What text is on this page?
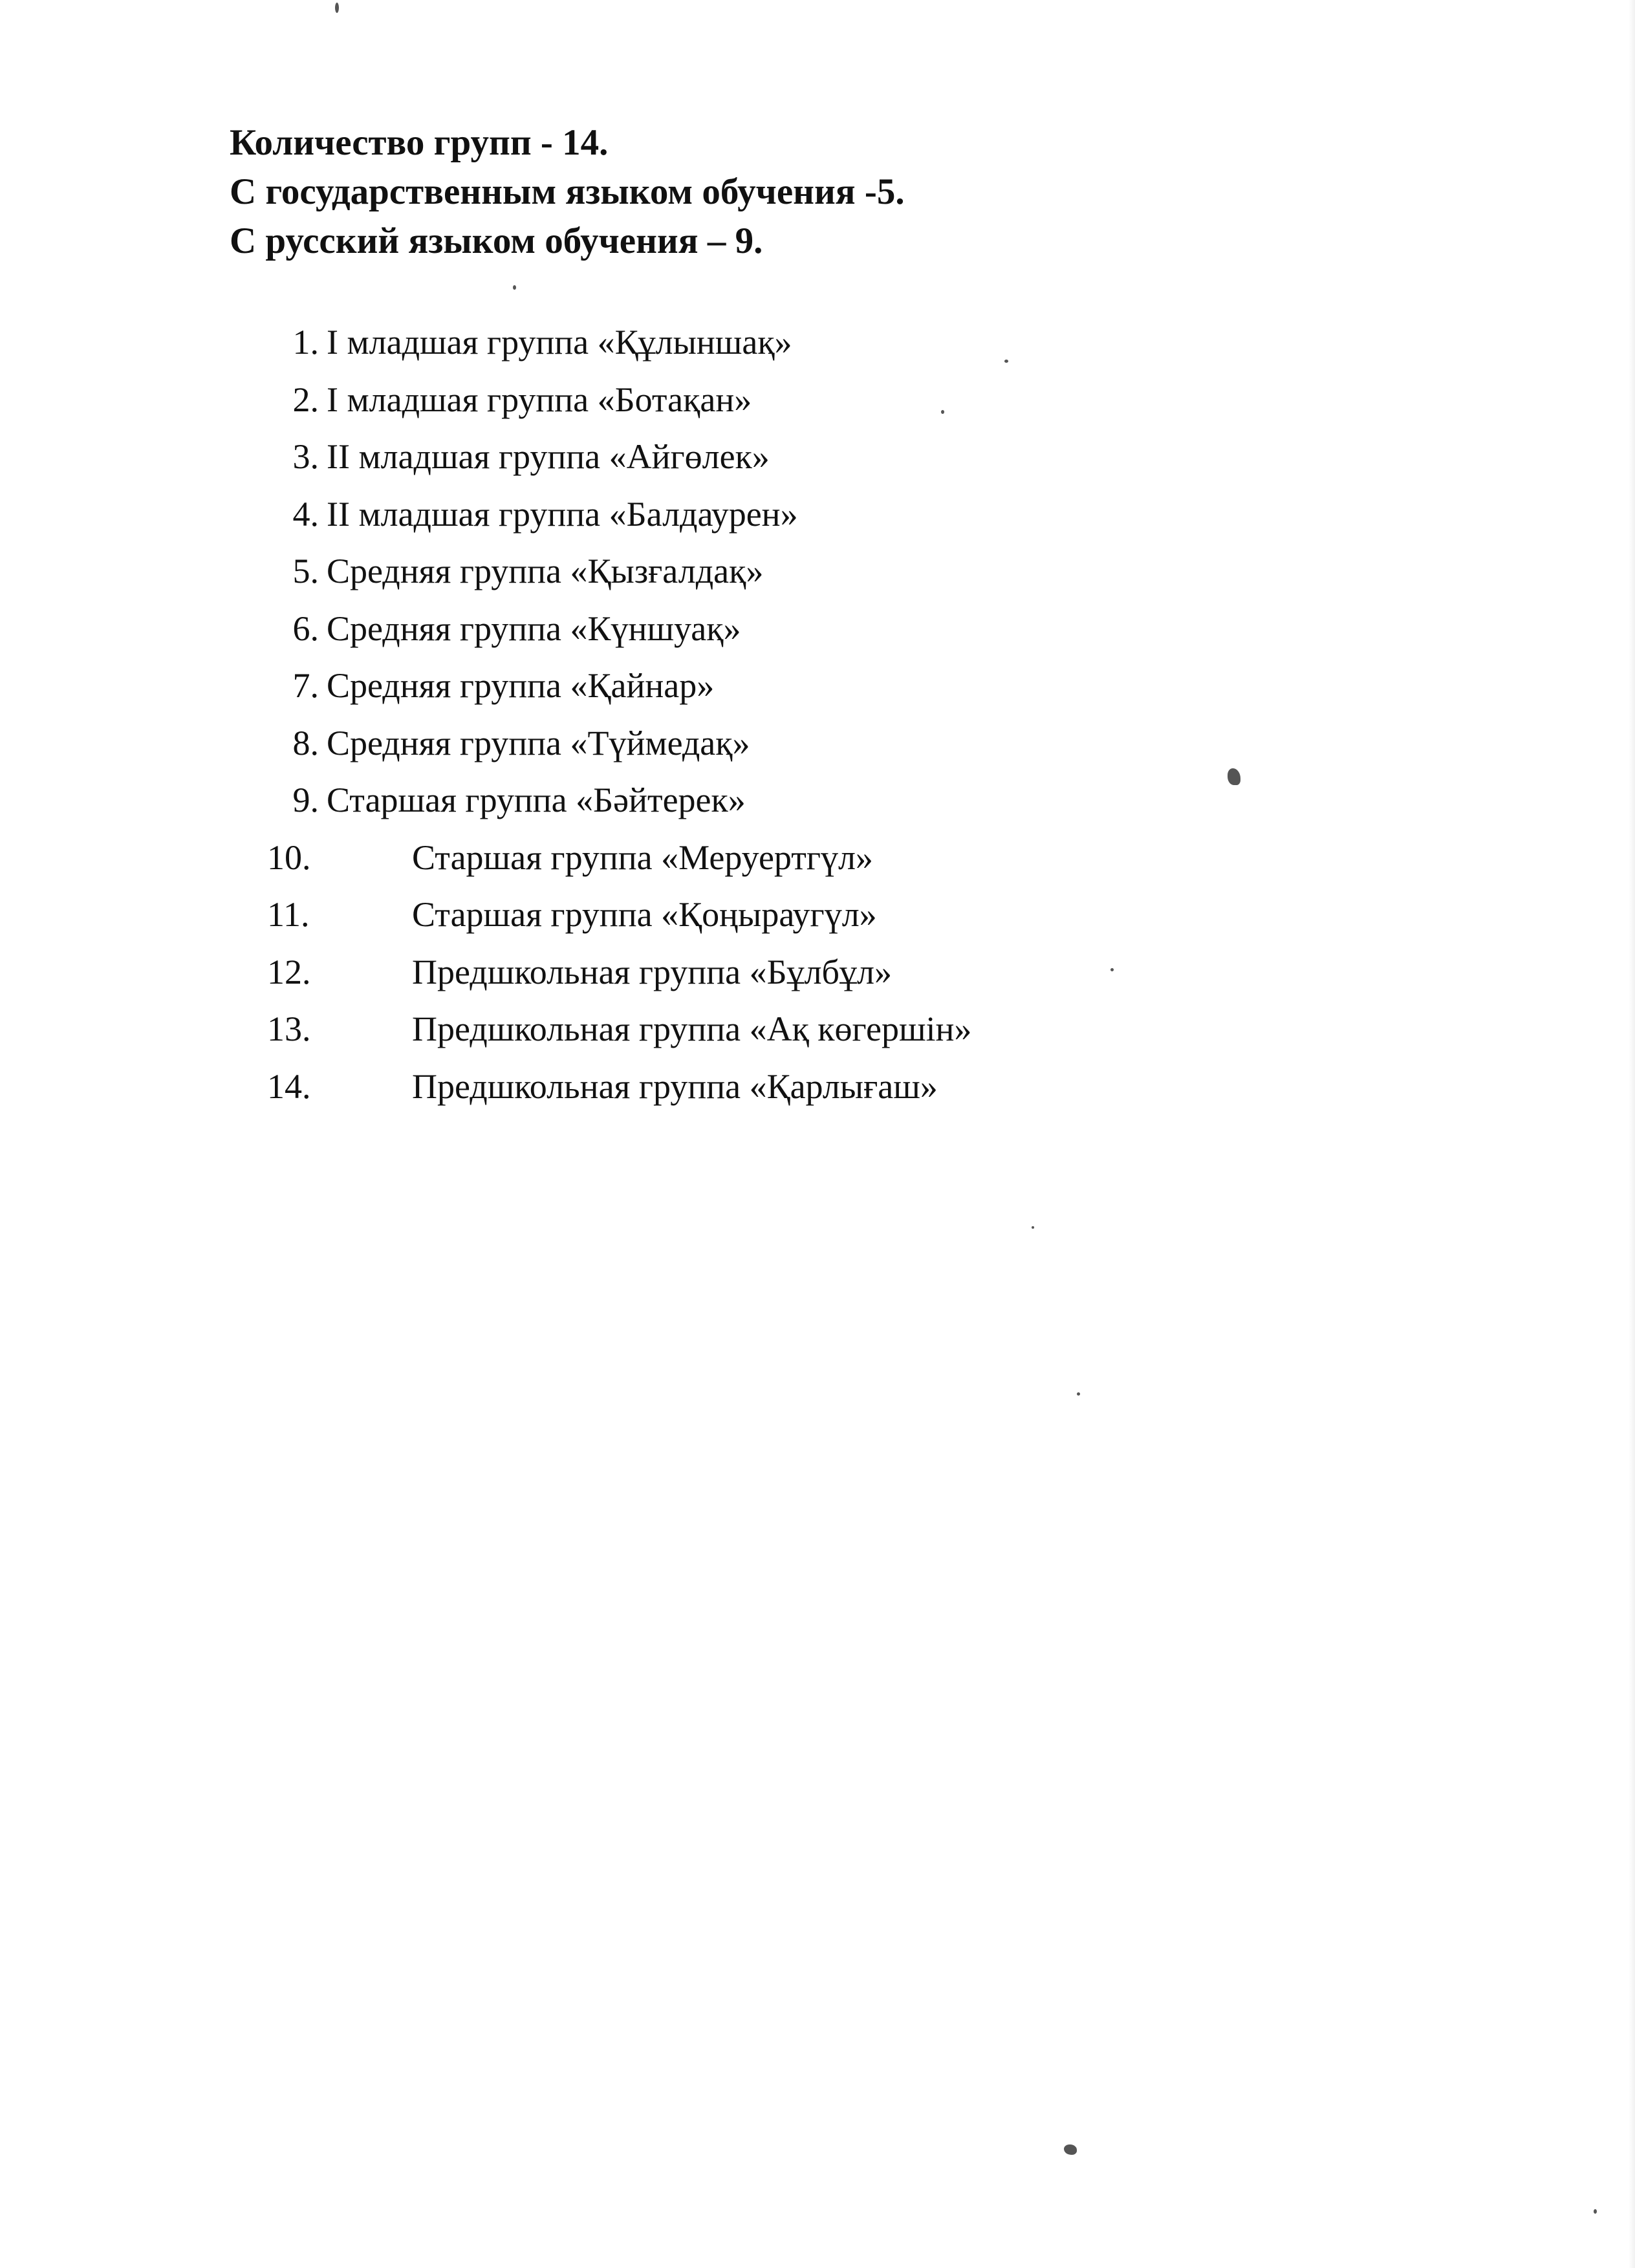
Количество групп - 14.
С государственным языком обучения -5.
С русский языком обучения – 9.
1. I младшая группа «Құлыншақ»
2. I младшая группа «Ботақан»
3. II младшая группа «Айгөлек»
4. II младшая группа «Балдаурен»
5. Средняя группа «Қызғалдақ»
6. Средняя группа «Күншуақ»
7. Средняя группа «Қайнар»
8. Средняя группа «Түймедақ»
9. Старшая группа «Бәйтерек»
10.	Старшая группа «Меруертгүл»
11.	Старшая группа «Қоңыраугүл»
12.	Предшкольная группа «Бұлбұл»
13.	Предшкольная группа «Ақ көгершін»
14.	Предшкольная группа «Қарлығаш»
